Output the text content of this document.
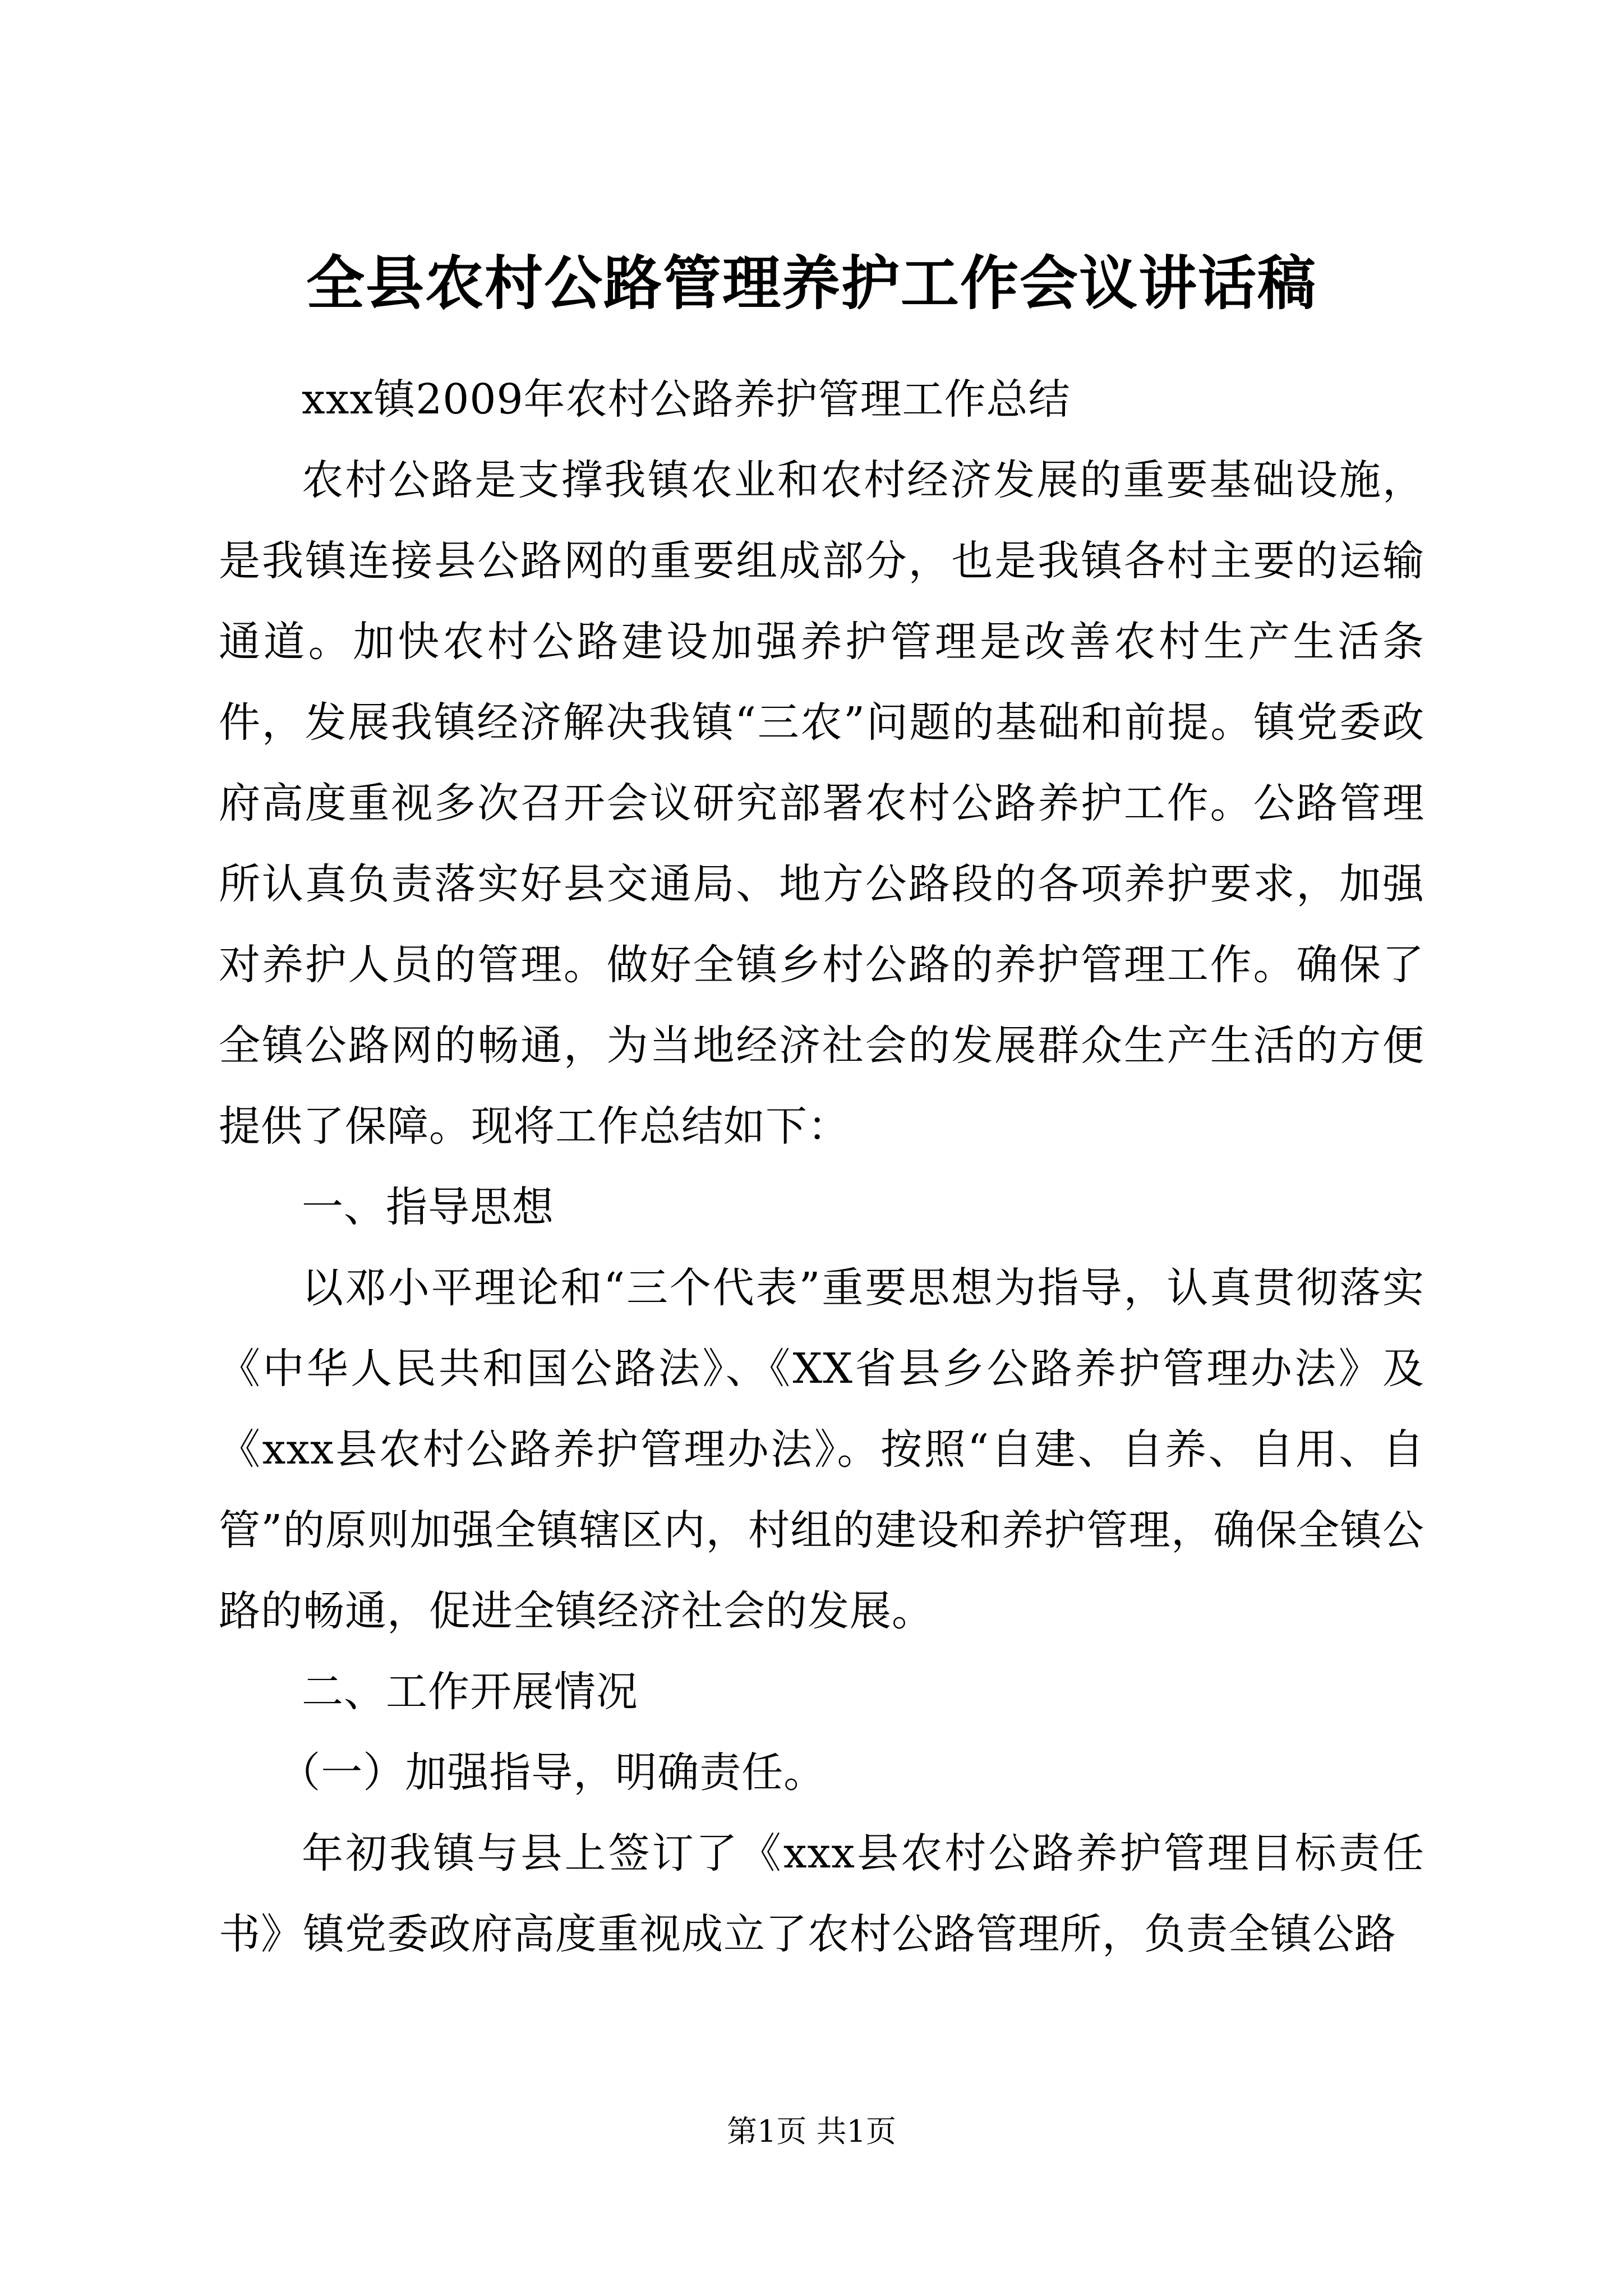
全县农村公路管理养护工作会议讲话稿

xxx镇2009年农村公路养护管理工作总结

农村公路是支撑我镇农业和农村经济发展的重要基础设施，是我镇连接县公路网的重要组成部分，也是我镇各村主要的运输通道。加快农村公路建设加强养护管理是改善农村生产生活条件，发展我镇经济解决我镇“三农”问题的基础和前提。镇党委政府高度重视多次召开会议研究部署农村公路养护工作。公路管理所认真负责落实好县交通局、地方公路段的各项养护要求，加强对养护人员的管理。做好全镇乡村公路的养护管理工作。确保了全镇公路网的畅通，为当地经济社会的发展群众生产生活的方便提供了保障。现将工作总结如下：

一、指导思想

以邓小平理论和“三个代表”重要思想为指导，认真贯彻落实《中华人民共和国公路法》、《XX省县乡公路养护管理办法》及《xxx县农村公路养护管理办法》。按照“自建、自养、自用、自管”的原则加强全镇辖区内，村组的建设和养护管理，确保全镇公路的畅通，促进全镇经济社会的发展。

二、工作开展情况

（一）加强指导，明确责任。

年初我镇与县上签订了《xxx县农村公路养护管理目标责任书》镇党委政府高度重视成立了农村公路管理所，负责全镇公路

第1页 共1页
